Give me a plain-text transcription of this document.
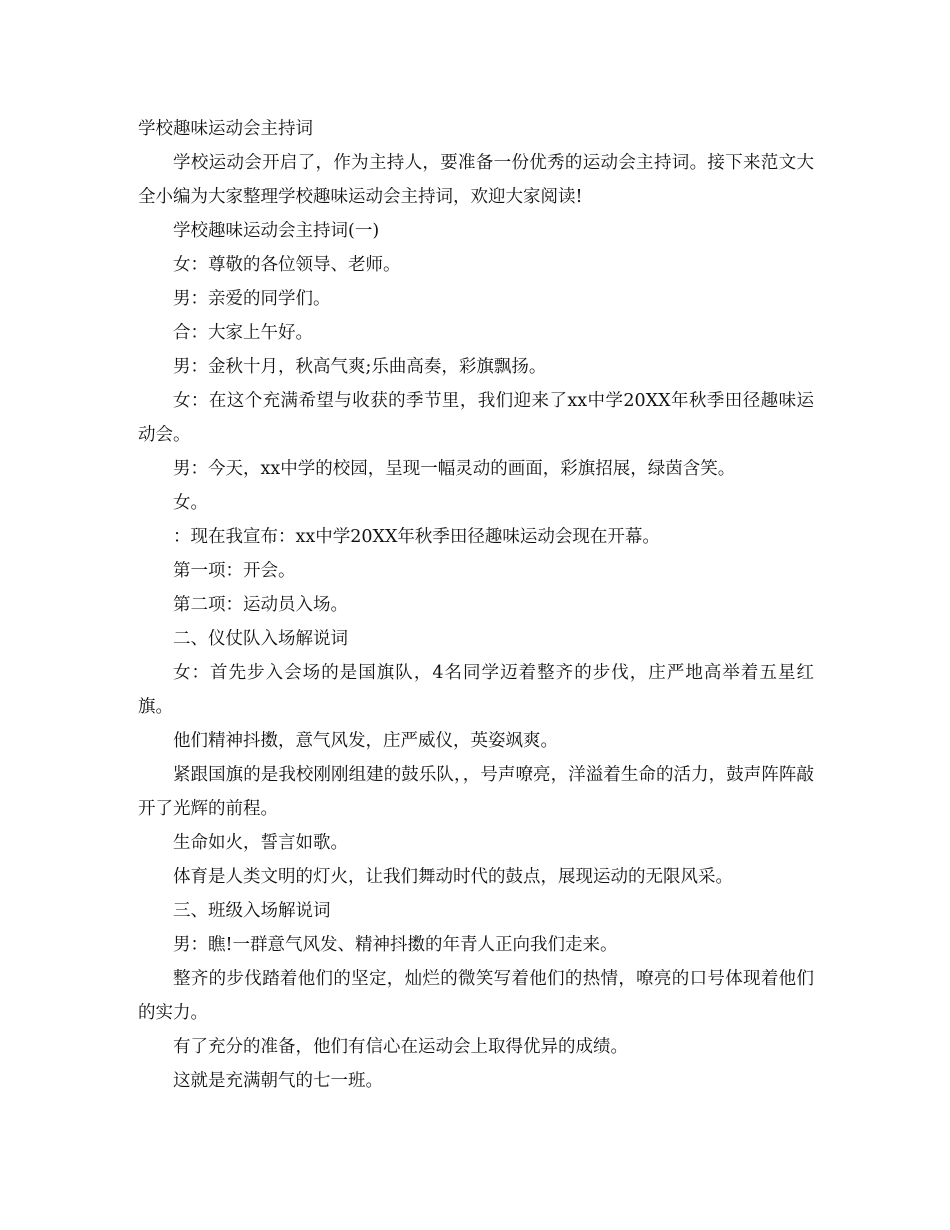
学校趣味运动会主持词

学校运动会开启了，作为主持人，要准备一份优秀的运动会主持词。接下来范文大全小编为大家整理学校趣味运动会主持词，欢迎大家阅读!

学校趣味运动会主持词(一)

女：尊敬的各位领导、老师。

男：亲爱的同学们。

合：大家上午好。

男：金秋十月，秋高气爽;乐曲高奏，彩旗飘扬。

女：在这个充满希望与收获的季节里，我们迎来了xx中学20XX年秋季田径趣味运动会。

男：今天，xx中学的校园，呈现一幅灵动的画面，彩旗招展，绿茵含笑。

女。

：现在我宣布：xx中学20XX年秋季田径趣味运动会现在开幕。

第一项：开会。

第二项：运动员入场。

二、仪仗队入场解说词

女：首先步入会场的是国旗队，4名同学迈着整齐的步伐，庄严地高举着五星红旗。

他们精神抖擞，意气风发，庄严威仪，英姿飒爽。

紧跟国旗的是我校刚刚组建的鼓乐队，，号声嘹亮，洋溢着生命的活力，鼓声阵阵敲开了光辉的前程。

生命如火，誓言如歌。

体育是人类文明的灯火，让我们舞动时代的鼓点，展现运动的无限风采。

三、班级入场解说词

男：瞧!一群意气风发、精神抖擞的年青人正向我们走来。

整齐的步伐踏着他们的坚定，灿烂的微笑写着他们的热情，嘹亮的口号体现着他们的实力。

有了充分的准备，他们有信心在运动会上取得优异的成绩。

这就是充满朝气的七一班。
